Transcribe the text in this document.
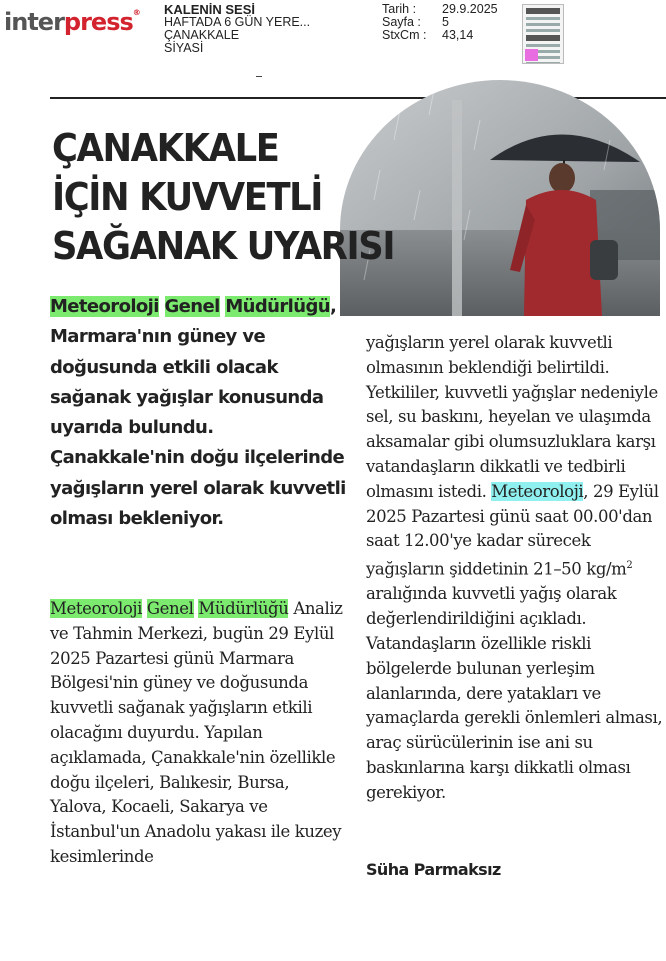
interpress® KALENİN SESİ
HAFTADA 6 GÜN YERE...
ÇANAKKALE
SİYASİ
Tarih :	29.9.2025
Sayfa :	5
StxCm :	43,14
ÇANAKKALE
İÇİN KUVVETLİ
SAĞANAK UYARISI

Meteoroloji Genel Müdürlüğü, Marmara'nın güney ve doğusunda etkili olacak sağanak yağışlar konusunda uyarıda bulundu. Çanakkale'nin doğu ilçelerinde yağışların yerel olarak kuvvetli olması bekleniyor.

Meteoroloji Genel Müdürlüğü Analiz ve Tahmin Merkezi, bugün 29 Eylül 2025 Pazartesi günü Marmara Bölgesi'nin güney ve doğusunda kuvvetli sağanak yağışların etkili olacağını duyurdu. Yapılan açıklamada, Çanakkale'nin özellikle doğu ilçeleri, Balıkesir, Bursa, Yalova, Kocaeli, Sakarya ve İstanbul'un Anadolu yakası ile kuzey kesimlerinde

yağışların yerel olarak kuvvetli olmasının beklendiği belirtildi. Yetkililer, kuvvetli yağışlar nedeniyle sel, su baskını, heyelan ve ulaşımda aksamalar gibi olumsuzluklara karşı vatandaşların dikkatli ve tedbirli olmasını istedi. Meteoroloji, 29 Eylül 2025 Pazartesi günü saat 00.00'dan saat 12.00'ye kadar sürecek yağışların şiddetinin 21–50 $kg/m^2$ aralığında kuvvetli yağış olarak değerlendirildiğini açıkladı. Vatandaşların özellikle riskli bölgelerde bulunan yerleşim alanlarında, dere yatakları ve yamaçlarda gerekli önlemleri alması, araç sürücülerinin ise ani su baskınlarına karşı dikkatli olması gerekiyor.

Süha Parmaksız
